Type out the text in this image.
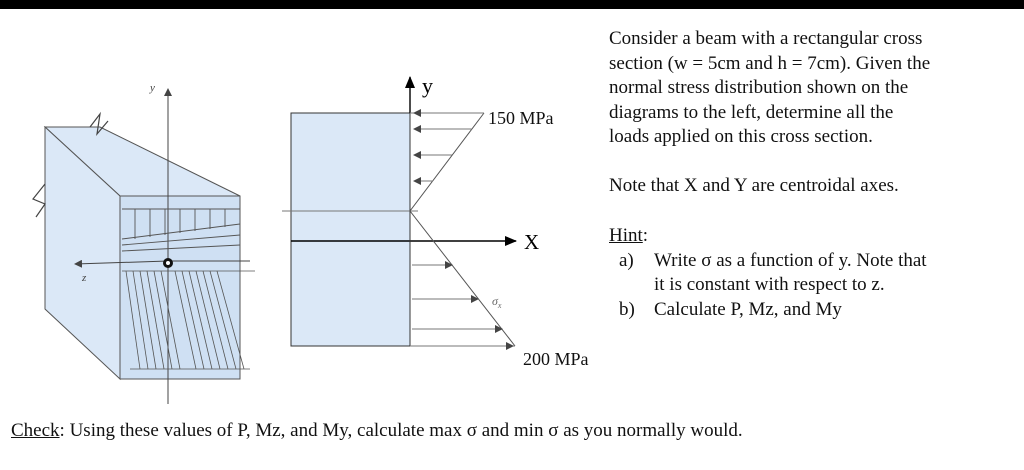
y
z
y
X
150 MPa
200 MPa
$\sigma_x$

Consider a beam with a rectangular cross

section (w = 5cm and h = 7cm). Given the

normal stress distribution shown on the

diagrams to the left, determine all the

loads applied on this cross section.

Note that X and Y are centroidal axes.

Hint:

a) Write σ as a function of y. Note that
it is constant with respect to z.
b) Calculate P, Mz, and My
Check: Using these values of P, Mz, and My, calculate max σ and min σ as you normally would.
